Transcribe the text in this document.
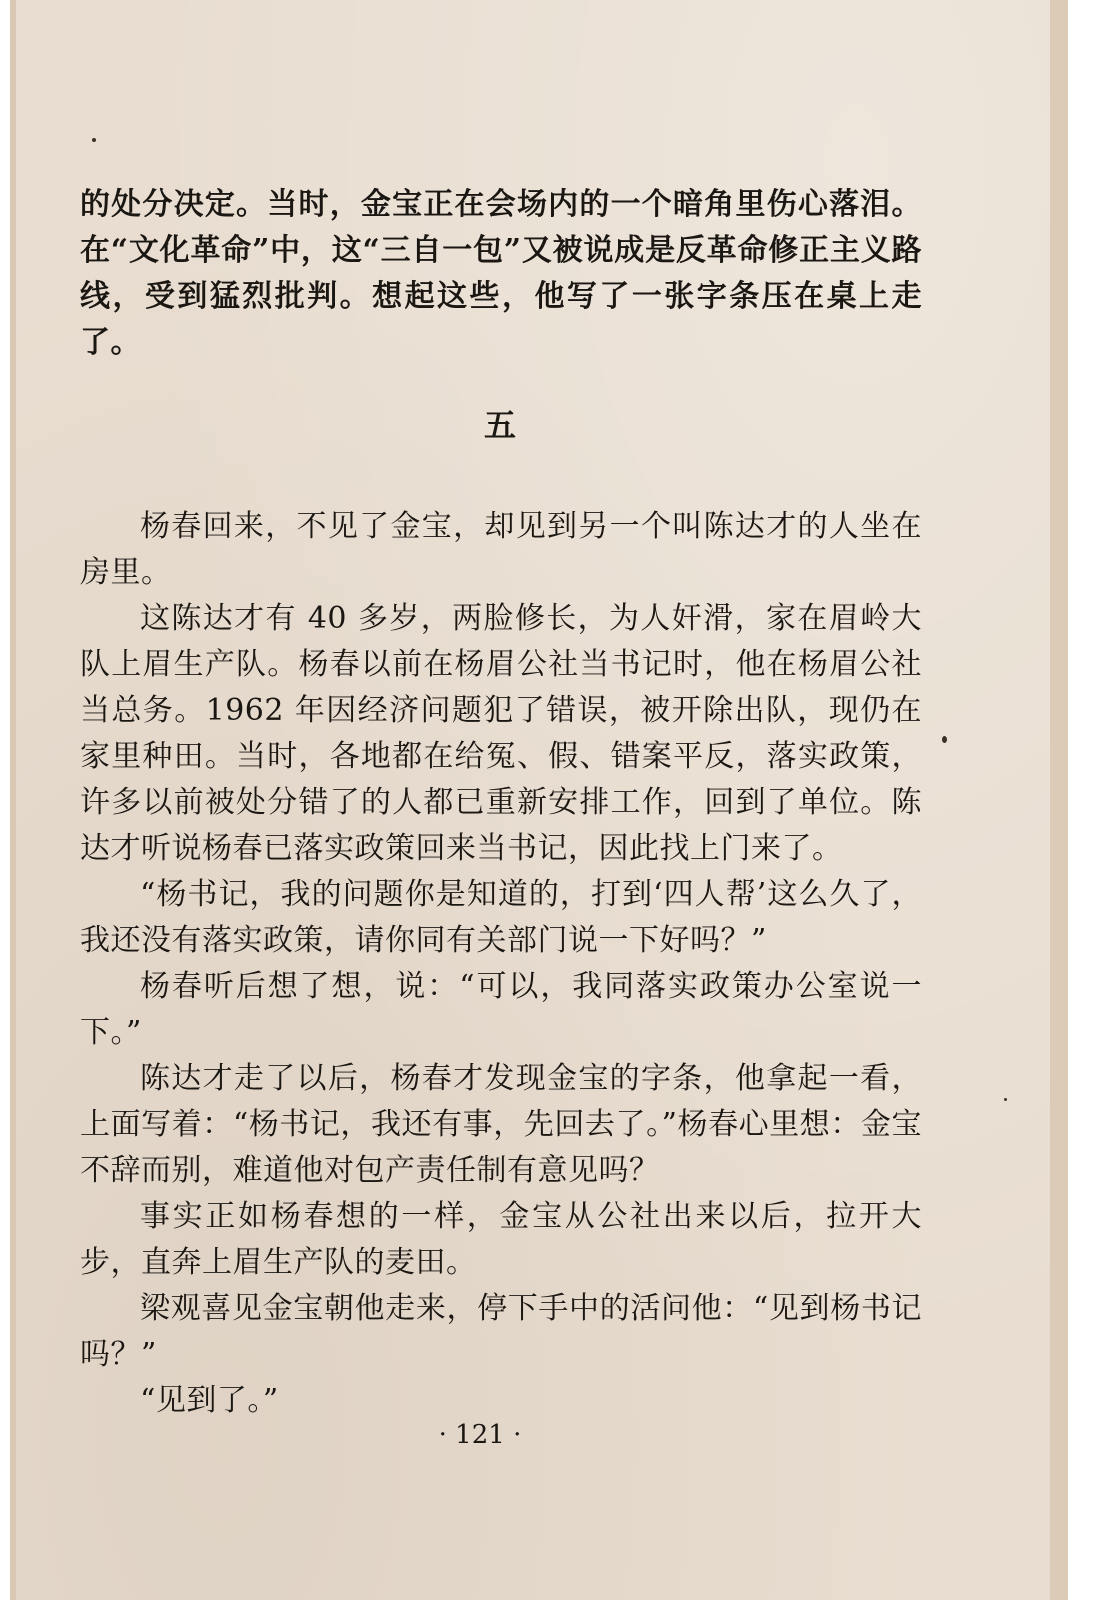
的处分决定。当时，金宝正在会场内的一个暗角里伤心落泪。在“文化革命”中，这“三自一包”又被说成是反革命修正主义路线，受到猛烈批判。想起这些，他写了一张字条压在桌上走了。

五

杨春回来，不见了金宝，却见到另一个叫陈达才的人坐在房里。

这陈达才有 40 多岁，两脸修长，为人奸滑，家在眉岭大队上眉生产队。杨春以前在杨眉公社当书记时，他在杨眉公社当总务。1962 年因经济问题犯了错误，被开除出队，现仍在家里种田。当时，各地都在给冤、假、错案平反，落实政策，许多以前被处分错了的人都已重新安排工作，回到了单位。陈达才听说杨春已落实政策回来当书记，因此找上门来了。

“杨书记，我的问题你是知道的，打到‘四人帮’这么久了，我还没有落实政策，请你同有关部门说一下好吗？”

杨春听后想了想，说：“可以，我同落实政策办公室说一下。”

陈达才走了以后，杨春才发现金宝的字条，他拿起一看，上面写着：“杨书记，我还有事，先回去了。”杨春心里想：金宝不辞而别，难道他对包产责任制有意见吗？

事实正如杨春想的一样，金宝从公社出来以后，拉开大步，直奔上眉生产队的麦田。

梁观喜见金宝朝他走来，停下手中的活问他：“见到杨书记吗？”

“见到了。”

· 121 ·
